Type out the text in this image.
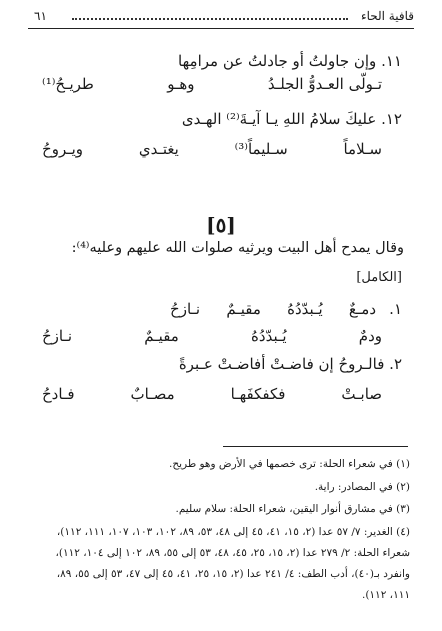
قافية الحاء
٦١
١١. وإن جاولتُ أو جادلتُ عن مرامِها
تـولّى العـدوُّ الجلـدُ
وهـو
طريـحُ⁽¹⁾
١٢. عليكَ سلامُ اللهِ يـا آيـةَ⁽²⁾ الهـدى
سـلاماً
سـليماً⁽³⁾
يغتـدي
ويـروحُ
[٥]
وقال يمدح أهل البيت ويرثيه صلوات الله عليهم وعليه⁽⁴⁾:
[الكامل]
١.
دمـعٌ
يُـبدّدُهُ
مقيـمٌ
نـازحُ
ودمٌ
يُـبدّدُهُ
مقيـمٌ
نـازحُ
٢. فالـروحُ إن فاضـتْ أفاضـتْ عـبرةً
صابـتْ
فكفكفَهـا
مصـابٌ
فـادحُ
(١) في شعراء الحلة: ترى خصمها في الأرض وهو طريح.
(٢) في المصادر: راية.
(٣) في مشارق أنوار اليقين، شعراء الحلة: سلام سليم.
(٤) الغدير: ٧/ ٥٧ عدا (٢، ١٥، ٤١، ٤٥ إلى ٤٨، ٥٣، ٨٩، ١٠٢، ١٠٣، ١٠٧، ١١١، ١١٢)،
شعراء الحلة: ٢/ ٢٧٩ عدا (٢، ١٥، ٢٥، ٤٥، ٤٨، ٥٣ إلى ٥٥، ٨٩، ١٠٢ إلى ١٠٤، ١١٢)،
وانفرد بـ(٤٠)، أدب الطف: ٤/ ٢٤١ عدا (٢، ١٥، ٢٥، ٤١، ٤٥ إلى ٤٧، ٥٣ إلى ٥٥، ٨٩،
١١١، ١١٢).
